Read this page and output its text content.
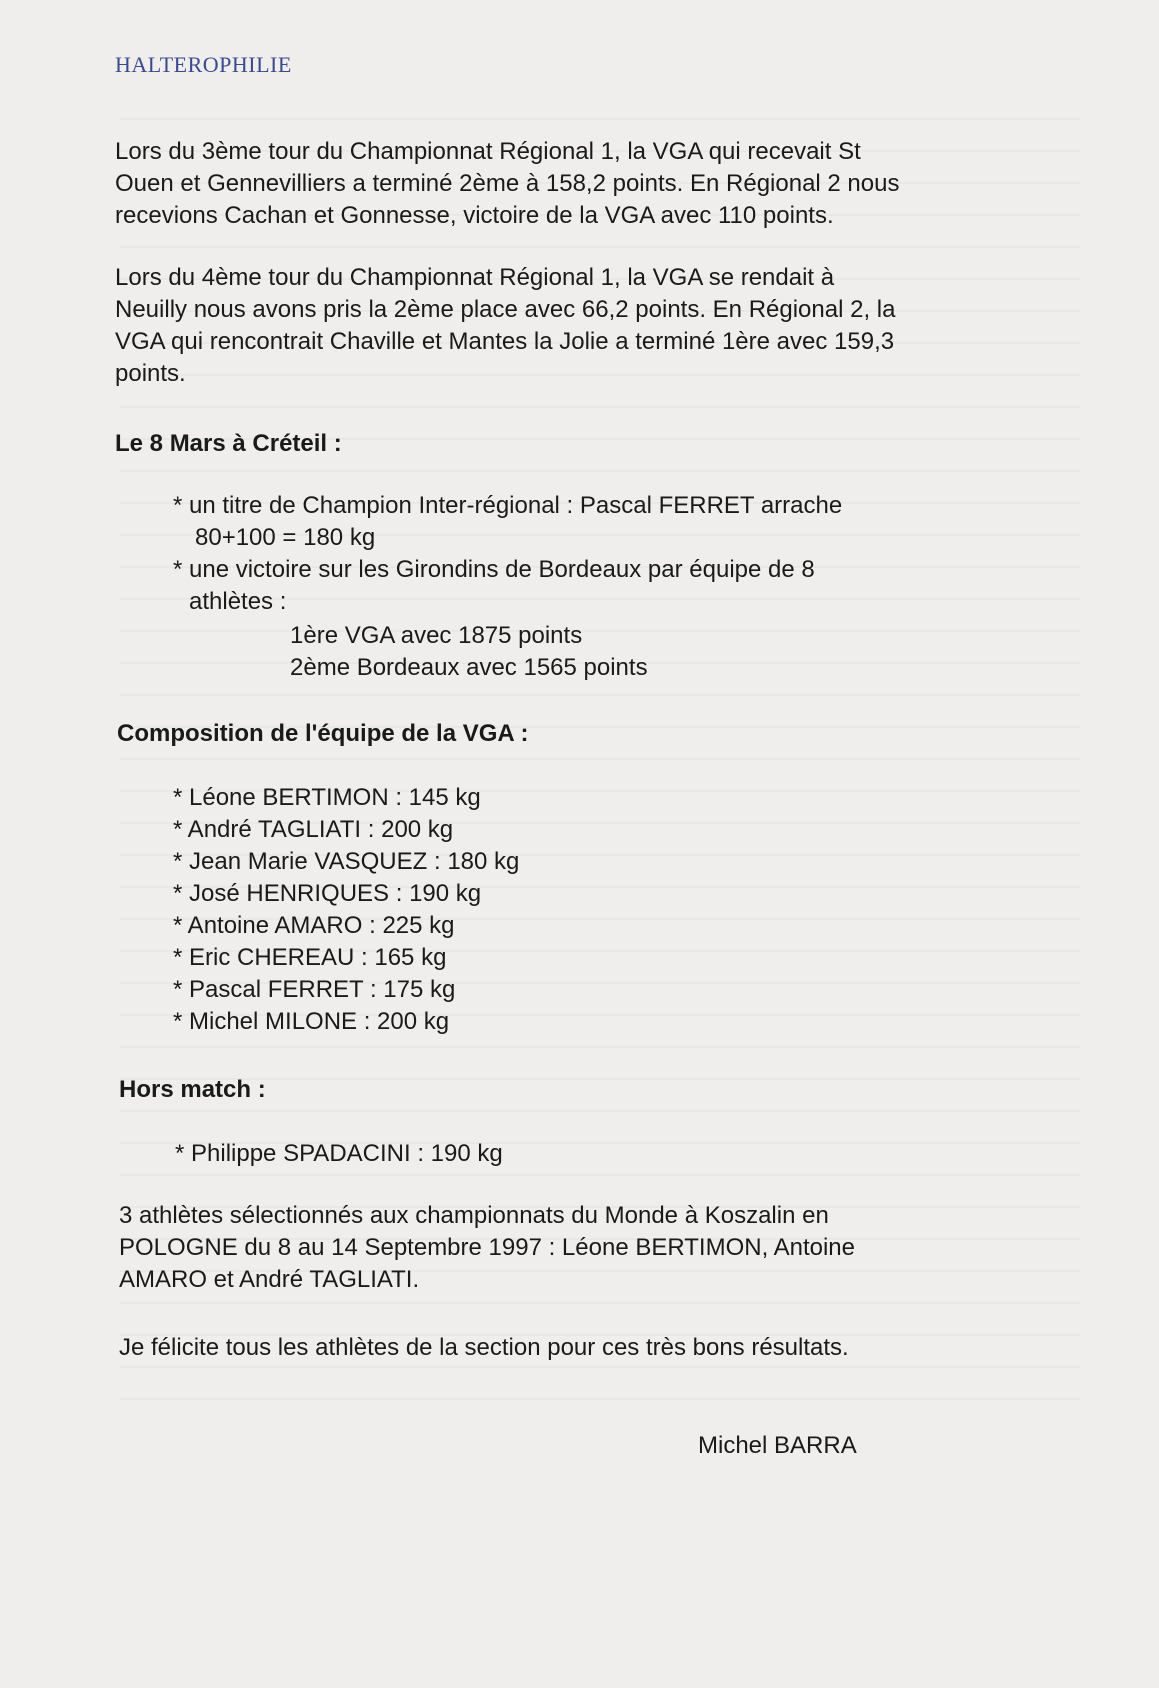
HALTEROPHILIE
Lors du 3ème tour du Championnat Régional 1, la VGA qui recevait St
Ouen et Gennevilliers a terminé 2ème à 158,2 points. En Régional 2 nous
recevions Cachan et Gonnesse, victoire de la VGA avec 110 points.
Lors du 4ème tour du Championnat Régional 1, la VGA se rendait à
Neuilly nous avons pris la 2ème place avec 66,2 points. En Régional 2, la
VGA qui rencontrait Chaville et Mantes la Jolie a terminé 1ère avec 159,3
points.
Le 8 Mars à Créteil :
* un titre de Champion Inter-régional : Pascal FERRET arrache
80+100 = 180 kg
* une victoire sur les Girondins de Bordeaux par équipe de 8
athlètes :
1ère VGA avec 1875 points
2ème Bordeaux avec 1565 points
Composition de l'équipe de la VGA :
* Léone BERTIMON : 145 kg
* André TAGLIATI : 200 kg
* Jean Marie VASQUEZ : 180 kg
* José HENRIQUES : 190 kg
* Antoine AMARO : 225 kg
* Eric CHEREAU : 165 kg
* Pascal FERRET : 175 kg
* Michel MILONE : 200 kg
Hors match :
* Philippe SPADACINI : 190 kg
3 athlètes sélectionnés aux championnats du Monde à Koszalin en
POLOGNE du 8 au 14 Septembre 1997 : Léone BERTIMON, Antoine
AMARO et André TAGLIATI.
Je félicite tous les athlètes de la section pour ces très bons résultats.
Michel BARRA
